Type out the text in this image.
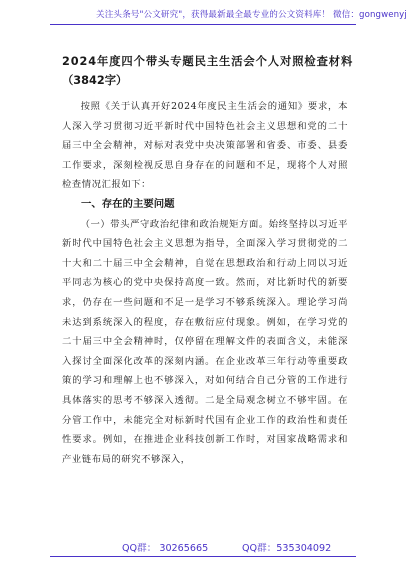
关注头条号"公文研究"，获得最新最全最专业的公文资料库！ 微信：gongwenyj

2024年度四个带头专题民主生活会个人对照检查材料

（3842字）

按照《关于认真开好2024年度民主生活会的通知》要求，本人深入学习贯彻习近平新时代中国特色社会主义思想和党的二十届三中全会精神，对标对表党中央决策部署和省委、市委、县委工作要求，深刻检视反思自身存在的问题和不足，现将个人对照检查情况汇报如下：

一、存在的主要问题

（一）带头严守政治纪律和政治规矩方面。始终坚持以习近平新时代中国特色社会主义思想为指导，全面深入学习贯彻党的二十大和二十届三中全会精神，自觉在思想政治和行动上同以习近平同志为核心的党中央保持高度一致。然而，对比新时代的新要求，仍存在一些问题和不足一是学习不够系统深入。理论学习尚未达到系统深入的程度，存在敷衍应付现象。例如，在学习党的二十届三中全会精神时，仅停留在理解文件的表面含义，未能深入探讨全面深化改革的深刻内涵。在企业改革三年行动等重要政策的学习和理解上也不够深入，对如何结合自己分管的工作进行具体落实的思考不够深入透彻。二是全局观念树立不够牢固。在分管工作中，未能完全对标新时代国有企业工作的政治性和责任性要求。例如，在推进企业科技创新工作时，对国家战略需求和产业链布局的研究不够深入，

QQ群： 30265665	QQ群：535304092
